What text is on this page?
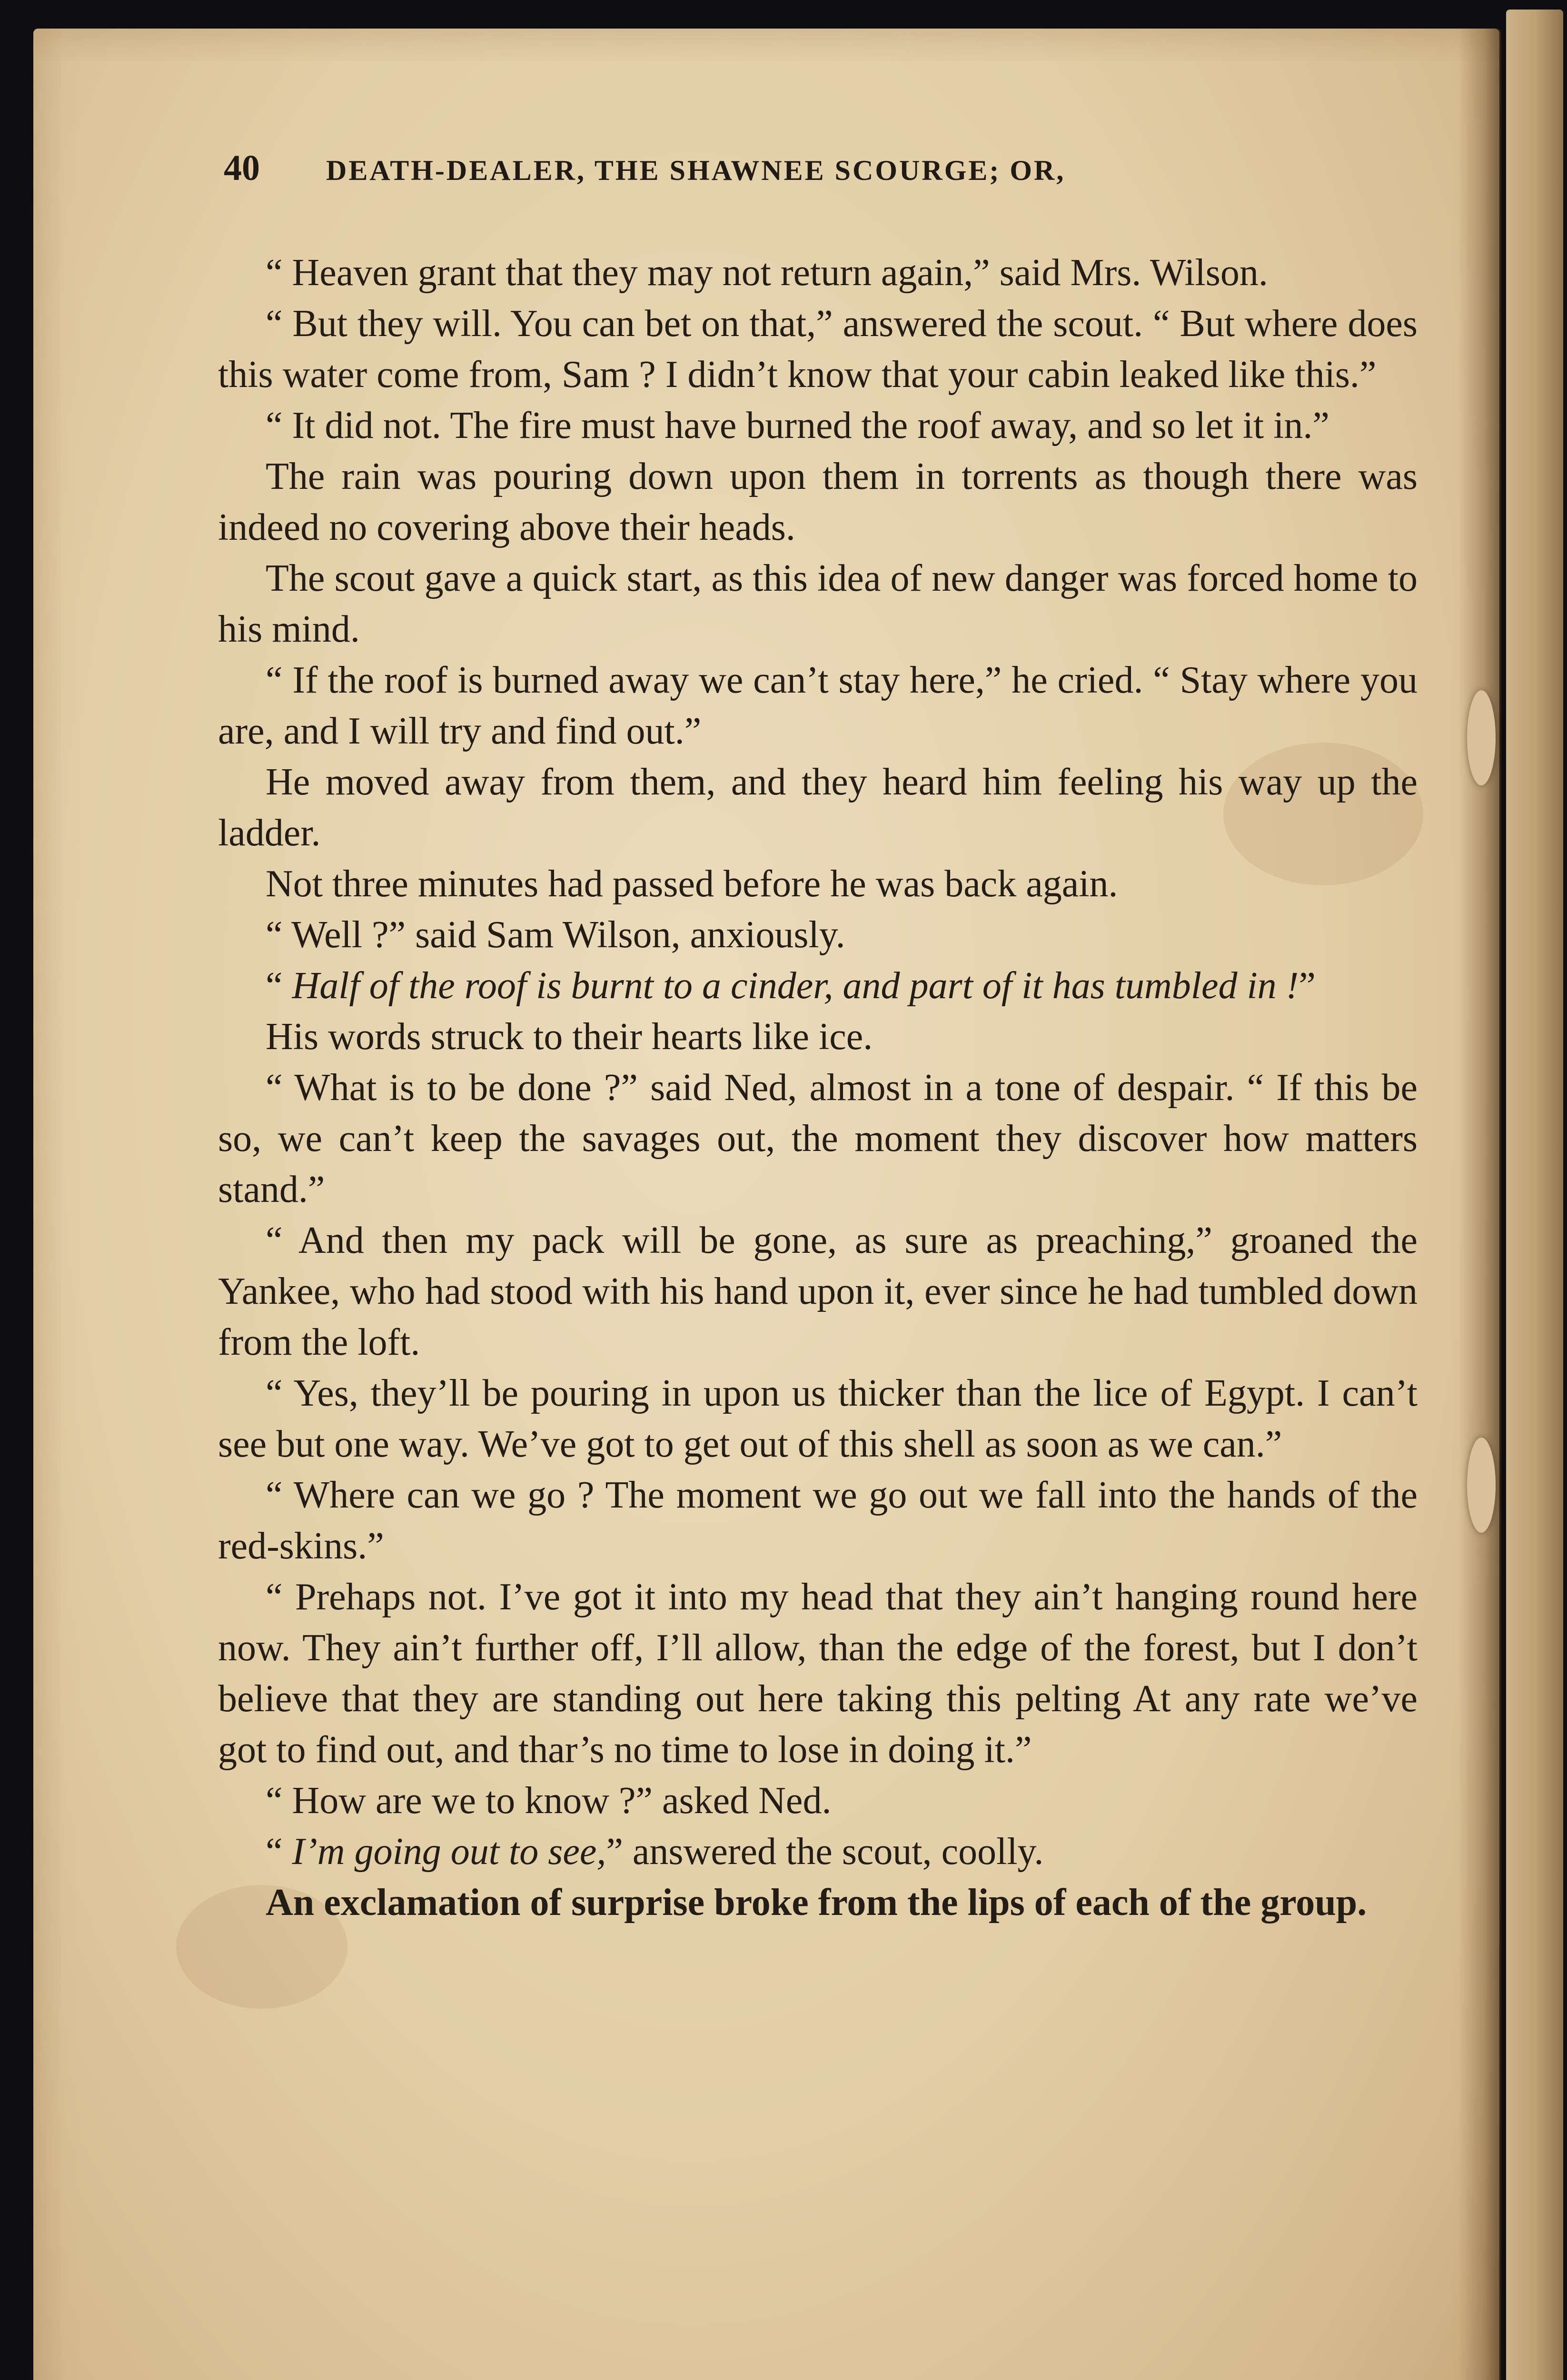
40 DEATH-DEALER, THE SHAWNEE SCOURGE; OR,

“ Heaven grant that they may not return again,” said Mrs. Wilson.

“ But they will. You can bet on that,” answered the scout. “ But where does this water come from, Sam ? I didn’t know that your cabin leaked like this.”

“ It did not. The fire must have burned the roof away, and so let it in.”

The rain was pouring down upon them in torrents as though there was indeed no covering above their heads.

The scout gave a quick start, as this idea of new danger was forced home to his mind.

“ If the roof is burned away we can’t stay here,” he cried. “ Stay where you are, and I will try and find out.”

He moved away from them, and they heard him feeling his way up the ladder.

Not three minutes had passed before he was back again.

“ Well ?” said Sam Wilson, anxiously.

“ Half of the roof is burnt to a cinder, and part of it has tumbled in !”

His words struck to their hearts like ice.

“ What is to be done ?” said Ned, almost in a tone of despair. “ If this be so, we can’t keep the savages out, the moment they discover how matters stand.”

“ And then my pack will be gone, as sure as preaching,” groaned the Yankee, who had stood with his hand upon it, ever since he had tumbled down from the loft.

“ Yes, they’ll be pouring in upon us thicker than the lice of Egypt. I can’t see but one way. We’ve got to get out of this shell as soon as we can.”

“ Where can we go ? The moment we go out we fall into the hands of the red-skins.”

“ Prehaps not. I’ve got it into my head that they ain’t hanging round here now. They ain’t further off, I’ll allow, than the edge of the forest, but I don’t believe that they are standing out here taking this pelting At any rate we’ve got to find out, and thar’s no time to lose in doing it.”

“ How are we to know ?” asked Ned.

“ I’m going out to see,” answered the scout, coolly.

An exclamation of surprise broke from the lips of each of the group.
